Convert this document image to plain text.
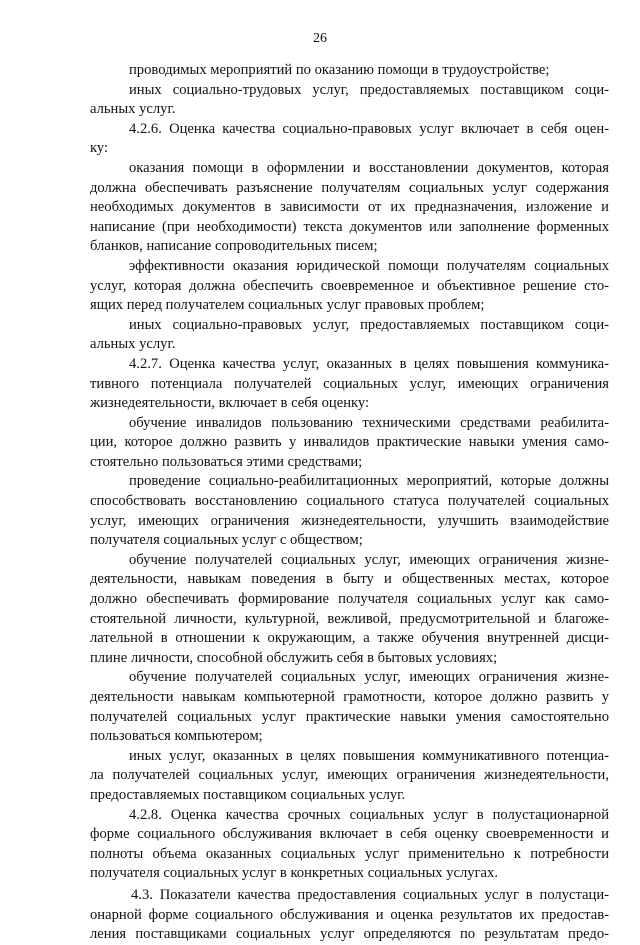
26
проводимых мероприятий по оказанию помощи в трудоустройстве;
иных социально-трудовых услуг, предоставляемых поставщиком соци-
альных услуг.
4.2.6. Оценка качества социально-правовых услуг включает в себя оцен-
ку:
оказания помощи в оформлении и восстановлении документов, которая
должна обеспечивать разъяснение получателям социальных услуг содержания
необходимых документов в зависимости от их предназначения, изложение и
написание (при необходимости) текста документов или заполнение форменных
бланков, написание сопроводительных писем;
эффективности оказания юридической помощи получателям социальных
услуг, которая должна обеспечить своевременное и объективное решение сто-
ящих перед получателем социальных услуг правовых проблем;
иных социально-правовых услуг, предоставляемых поставщиком соци-
альных услуг.
4.2.7. Оценка качества услуг, оказанных в целях повышения коммуника-
тивного потенциала получателей социальных услуг, имеющих ограничения
жизнедеятельности, включает в себя оценку:
обучение инвалидов пользованию техническими средствами реабилита-
ции, которое должно развить у инвалидов практические навыки умения само-
стоятельно пользоваться этими средствами;
проведение социально-реабилитационных мероприятий, которые должны
способствовать восстановлению социального статуса получателей социальных
услуг, имеющих ограничения жизнедеятельности, улучшить взаимодействие
получателя социальных услуг с обществом;
обучение получателей социальных услуг, имеющих ограничения жизне-
деятельности, навыкам поведения в быту и общественных местах, которое
должно обеспечивать формирование получателя социальных услуг как само-
стоятельной личности, культурной, вежливой, предусмотрительной и благоже-
лательной в отношении к окружающим, а также обучения внутренней дисци-
плине личности, способной обслужить себя в бытовых условиях;
обучение получателей социальных услуг, имеющих ограничения жизне-
деятельности навыкам компьютерной грамотности, которое должно развить у
получателей социальных услуг практические навыки умения самостоятельно
пользоваться компьютером;
иных услуг, оказанных в целях повышения коммуникативного потенциа-
ла получателей социальных услуг, имеющих ограничения жизнедеятельности,
предоставляемых поставщиком социальных услуг.
4.2.8. Оценка качества срочных социальных услуг в полустационарной
форме социального обслуживания включает в себя оценку своевременности и
полноты объема оказанных социальных услуг применительно к потребности
получателя социальных услуг в конкретных социальных услугах.
4.3. Показатели качества предоставления социальных услуг в полустаци-
онарной форме социального обслуживания и оценка результатов их предостав-
ления поставщиками социальных услуг определяются по результатам предо-
